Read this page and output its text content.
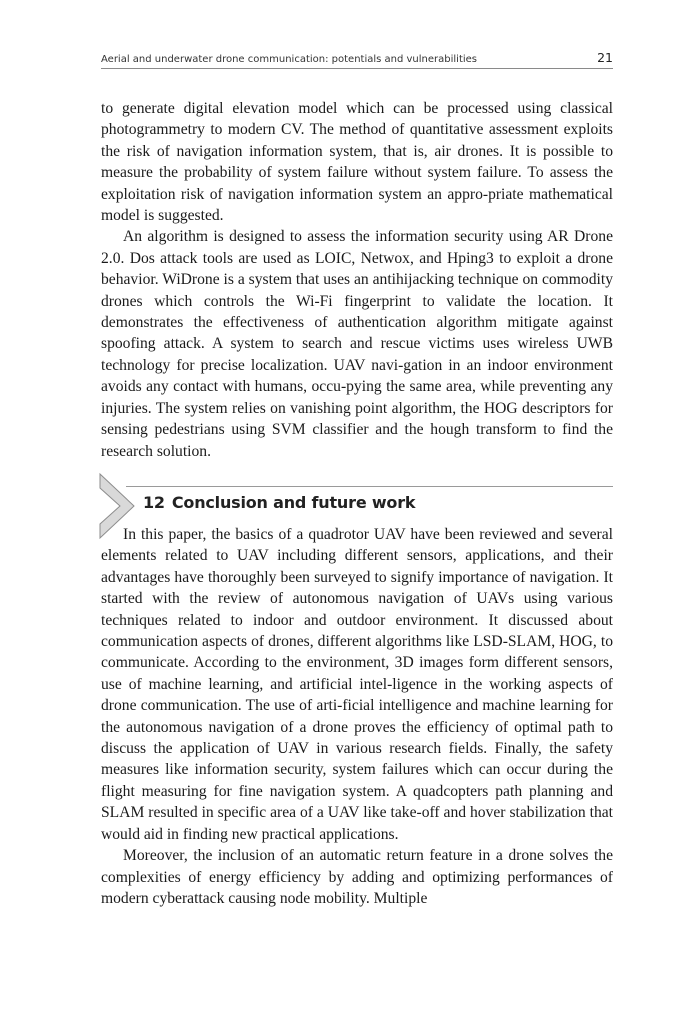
Aerial and underwater drone communication: potentials and vulnerabilities	21

to generate digital elevation model which can be processed using classical photogrammetry to modern CV. The method of quantitative assessment exploits the risk of navigation information system, that is, air drones. It is possible to measure the probability of system failure without system failure. To assess the exploitation risk of navigation information system an appro-priate mathematical model is suggested.

An algorithm is designed to assess the information security using AR Drone 2.0. Dos attack tools are used as LOIC, Netwox, and Hping3 to exploit a drone behavior. WiDrone is a system that uses an antihijacking technique on commodity drones which controls the Wi-Fi fingerprint to validate the location. It demonstrates the effectiveness of authentication algorithm mitigate against spoofing attack. A system to search and rescue victims uses wireless UWB technology for precise localization. UAV navi-gation in an indoor environment avoids any contact with humans, occu-pying the same area, while preventing any injuries. The system relies on vanishing point algorithm, the HOG descriptors for sensing pedestrians using SVM classifier and the hough transform to find the research solution.

12 Conclusion and future work

In this paper, the basics of a quadrotor UAV have been reviewed and several elements related to UAV including different sensors, applications, and their advantages have thoroughly been surveyed to signify importance of navigation. It started with the review of autonomous navigation of UAVs using various techniques related to indoor and outdoor environment. It discussed about communication aspects of drones, different algorithms like LSD-SLAM, HOG, to communicate. According to the environment, 3D images form different sensors, use of machine learning, and artificial intel-ligence in the working aspects of drone communication. The use of arti-ficial intelligence and machine learning for the autonomous navigation of a drone proves the efficiency of optimal path to discuss the application of UAV in various research fields. Finally, the safety measures like information security, system failures which can occur during the flight measuring for fine navigation system. A quadcopters path planning and SLAM resulted in specific area of a UAV like take-off and hover stabilization that would aid in finding new practical applications.

Moreover, the inclusion of an automatic return feature in a drone solves the complexities of energy efficiency by adding and optimizing performances of modern cyberattack causing node mobility. Multiple
